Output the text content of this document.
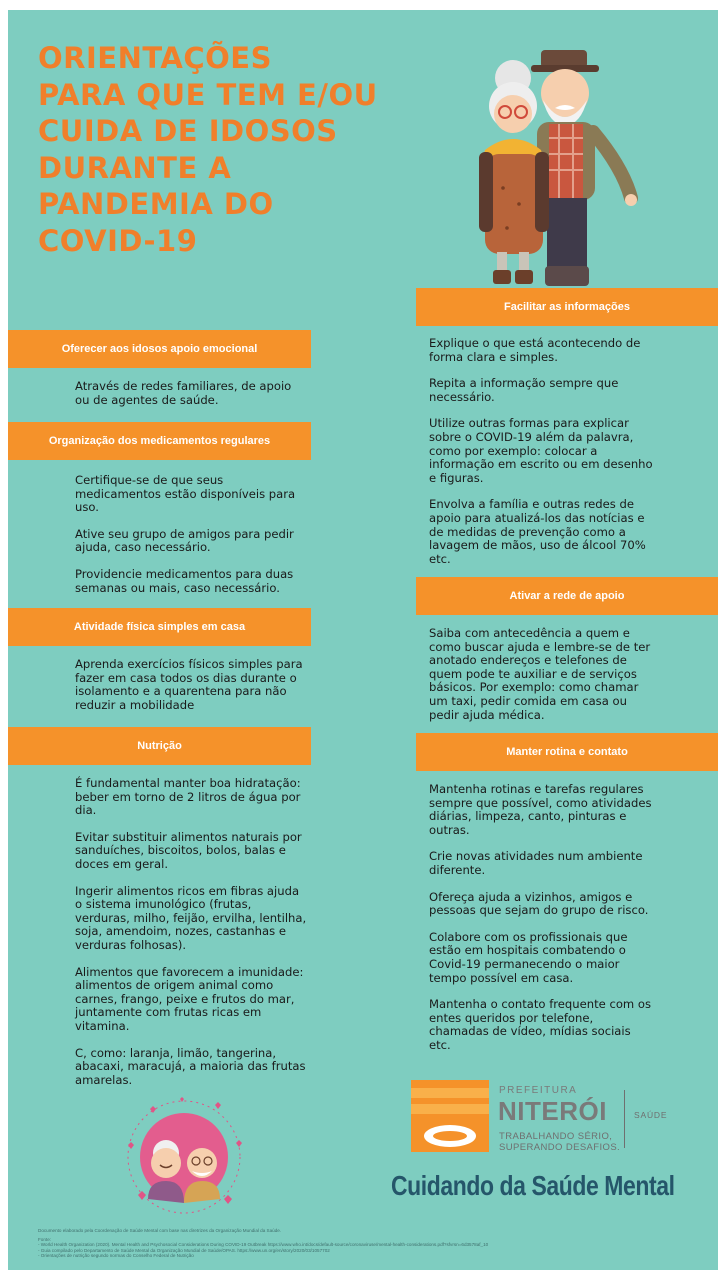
ORIENTAÇÕES
PARA QUE TEM E/OU
CUIDA DE IDOSOS
DURANTE A
PANDEMIA DO
COVID-19
Oferecer aos idosos apoio emocional

Através de redes familiares, de apoio ou de agentes de saúde.

Organização dos medicamentos regulares

Certifique-se de que seus medicamentos estão disponíveis para uso.

Ative seu grupo de amigos para pedir ajuda, caso necessário.

Providencie medicamentos para duas semanas ou mais, caso necessário.

Atividade física simples em casa

Aprenda exercícios físicos simples para fazer em casa todos os dias durante o isolamento e a quarentena para não reduzir a mobilidade

Nutrição

É fundamental manter boa hidratação: beber em torno de 2 litros de água por dia.

Evitar substituir alimentos naturais por sanduíches, biscoitos, bolos, balas e doces em geral.

Ingerir alimentos ricos em fibras ajuda o sistema imunológico (frutas, verduras, milho, feijão, ervilha, lentilha, soja, amendoim, nozes, castanhas e verduras folhosas).

Alimentos que favorecem a imunidade: alimentos de origem animal como carnes, frango, peixe e frutos do mar, juntamente com frutas ricas em vitamina.

C, como: laranja, limão, tangerina, abacaxi, maracujá, a maioria das frutas amarelas.

Facilitar as informações

Explique o que está acontecendo de forma clara e simples.

Repita a informação sempre que necessário.

Utilize outras formas para explicar sobre o COVID-19 além da palavra, como por exemplo: colocar a informação em escrito ou em desenho e figuras.

Envolva a família e outras redes de apoio para atualizá-los das notícias e de medidas de prevenção como a lavagem de mãos, uso de álcool 70% etc.

Ativar a rede de apoio

Saiba com antecedência a quem e como buscar ajuda e lembre-se de ter anotado endereços e telefones de quem pode te auxiliar e de serviços básicos. Por exemplo: como chamar um taxi, pedir comida em casa ou pedir ajuda médica.

Manter rotina e contato

Mantenha rotinas e tarefas regulares sempre que possível, como atividades diárias, limpeza, canto, pinturas e outras.

Crie novas atividades num ambiente diferente.

Ofereça ajuda a vizinhos, amigos e pessoas que sejam do grupo de risco.

Colabore com os profissionais que estão em hospitais combatendo o Covid-19 permanecendo o maior tempo possível em casa.

Mantenha o contato frequente com os entes queridos por telefone, chamadas de vídeo, mídias sociais etc.

PREFEITURA
NITERÓI
TRABALHANDO SÉRIO,
SUPERANDO DESAFIOS.
SAÚDE
Cuidando da Saúde Mental
Documento elaborado pela Coordenação de Saúde Mental com base nas diretrizes da Organização Mundial da Saúde.
Fonte:
- World Health Organization (2020). Mental Health and Psychosocial Considerations During COVID-19 Outbreak https://www.who.int/docs/default-source/coronaviruse/mental-health-considerations.pdf?sfvrsn=6d3578af_10
- Guia compilado pelo Departamento de Saúde Mental da Organização Mundial de Saúde/OPAS. https://www.un.org/en/story/2020/03/1057702
- Orientações de nutrição segundo normas do Conselho Federal de Nutrição
